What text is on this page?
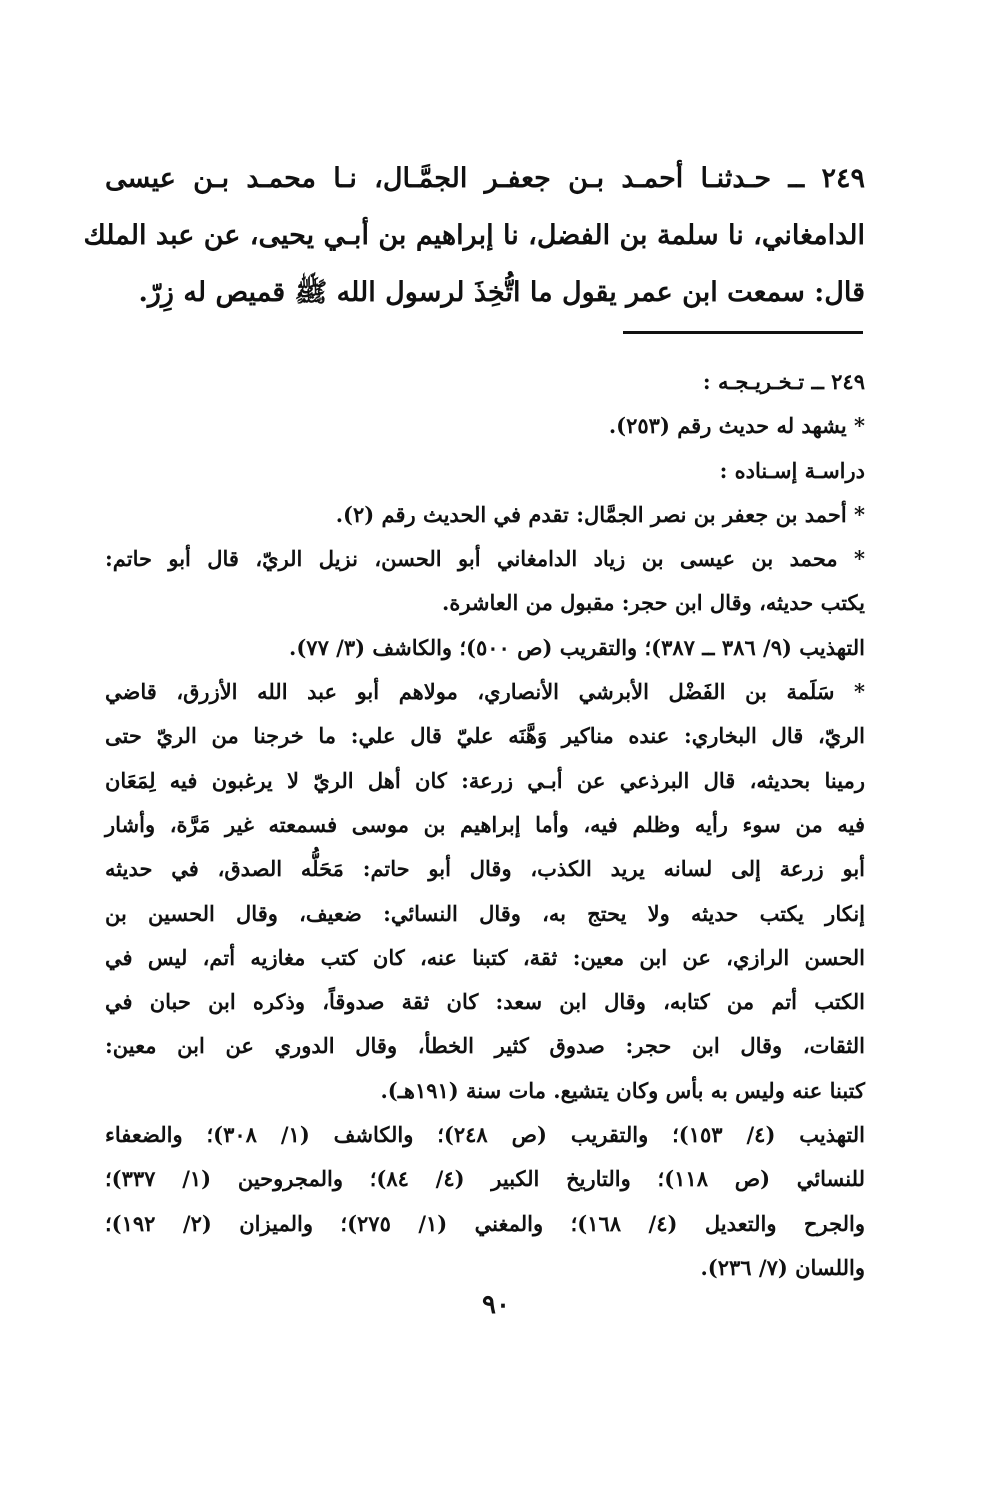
٢٤٩ ــ حـدثنـا أحمـد بـن جعفـر الجمَّـال، نـا محمـد بـن عيسى
الدامغاني، نا سلمة بن الفضل، نا إبراهيم بن أبـي يحيى، عن عبد الملك
قال: سمعت ابن عمر يقول ما اتُّخِذَ لرسول الله ﷺ قميص له زِرّ.
٢٤٩ ــ تـخـريـجـه :
* يشهد له حديث رقم (٢٥٣).
دراسـة إسـناده :
* أحمد بن جعفر بن نصر الجمَّال: تقدم في الحديث رقم (٢).
* محمد بن عيسى بن زياد الدامغاني أبو الحسن، نزيل الريّ، قال أبو حاتم:
يكتب حديثه، وقال ابن حجر: مقبول من العاشرة.
التهذيب (٩/ ٣٨٦ ــ ٣٨٧)؛ والتقريب (ص ٥٠٠)؛ والكاشف (٣/ ٧٧).
* سَلَمة بن الفَضْل الأبرشي الأنصاري، مولاهم أبو عبد الله الأزرق، قاضي
الريّ، قال البخاري: عنده مناكير وَهَّنَه عليّ قال علي: ما خرجنا من الريّ حتى
رمينا بحديثه، قال البرذعي عن أبـي زرعة: كان أهل الريّ لا يرغبون فيه لِمَعَان
فيه من سوء رأيه وظلم فيه، وأما إبراهيم بن موسى فسمعته غير مَرَّة، وأشار
أبو زرعة إلى لسانه يريد الكذب، وقال أبو حاتم: مَحَلُّه الصدق، في حديثه
إنكار يكتب حديثه ولا يحتج به، وقال النسائي: ضعيف، وقال الحسين بن
الحسن الرازي، عن ابن معين: ثقة، كتبنا عنه، كان كتب مغازيه أتم، ليس في
الكتب أتم من كتابه، وقال ابن سعد: كان ثقة صدوقاً، وذكره ابن حبان في
الثقات، وقال ابن حجر: صدوق كثير الخطأ، وقال الدوري عن ابن معين:
كتبنا عنه وليس به بأس وكان يتشيع. مات سنة (١٩١هـ).
التهذيب (٤/ ١٥٣)؛ والتقريب (ص ٢٤٨)؛ والكاشف (١/ ٣٠٨)؛ والضعفاء
للنسائي (ص ١١٨)؛ والتاريخ الكبير (٤/ ٨٤)؛ والمجروحين (١/ ٣٣٧)؛
والجرح والتعديل (٤/ ١٦٨)؛ والمغني (١/ ٢٧٥)؛ والميزان (٢/ ١٩٢)؛
واللسان (٧/ ٢٣٦).
٩٠
